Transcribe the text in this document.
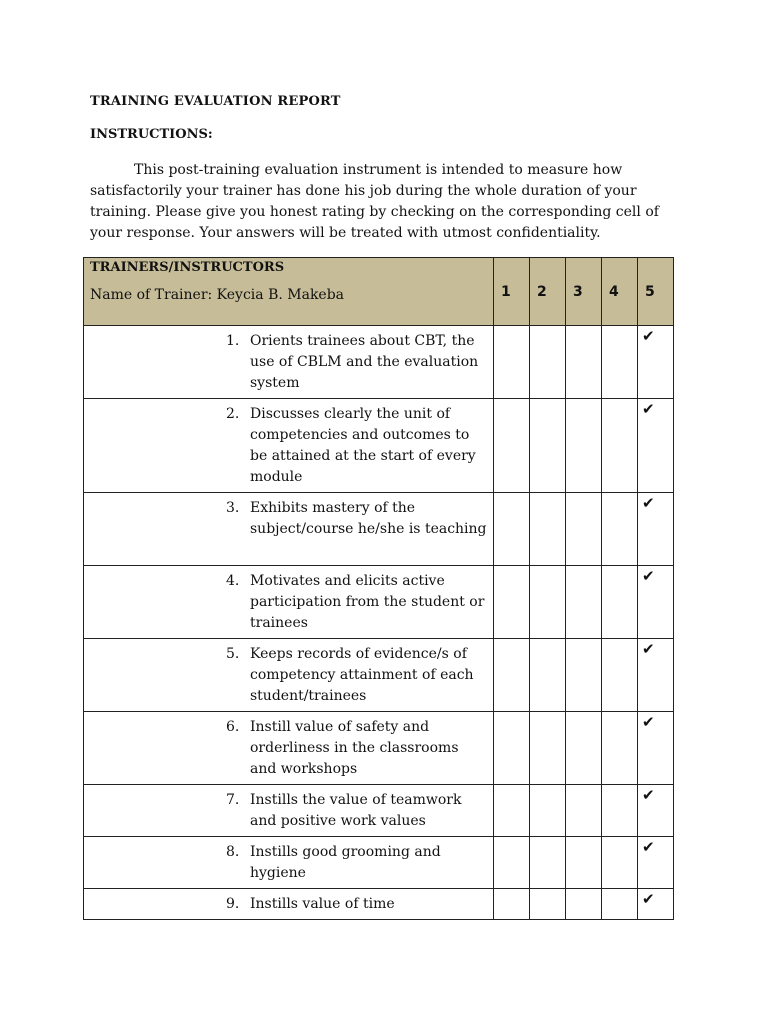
TRAINING EVALUATION REPORT
INSTRUCTIONS:
This post-training evaluation instrument is intended to measure how satisfactorily your trainer has done his job during the whole duration of your training. Please give you honest rating by checking on the corresponding cell of your response. Your answers will be treated with utmost confidentiality.
TRAINERS/INSTRUCTORS
Name of Trainer: Keycia B. Makeba	1	2	3	4	5

1. Orients trainees about CBT, the use of CBLM and the evaluation system					✔

2. Discusses clearly the unit of competencies and outcomes to be attained at the start of every module					✔

3. Exhibits mastery of the subject/course he/she is teaching					✔

4. Motivates and elicits active participation from the student or trainees					✔

5. Keeps records of evidence/s of competency attainment of each student/trainees					✔

6. Instill value of safety and orderliness in the classrooms and workshops					✔

7. Instills the value of teamwork and positive work values					✔

8. Instills good grooming and hygiene					✔

9. Instills value of time					✔
